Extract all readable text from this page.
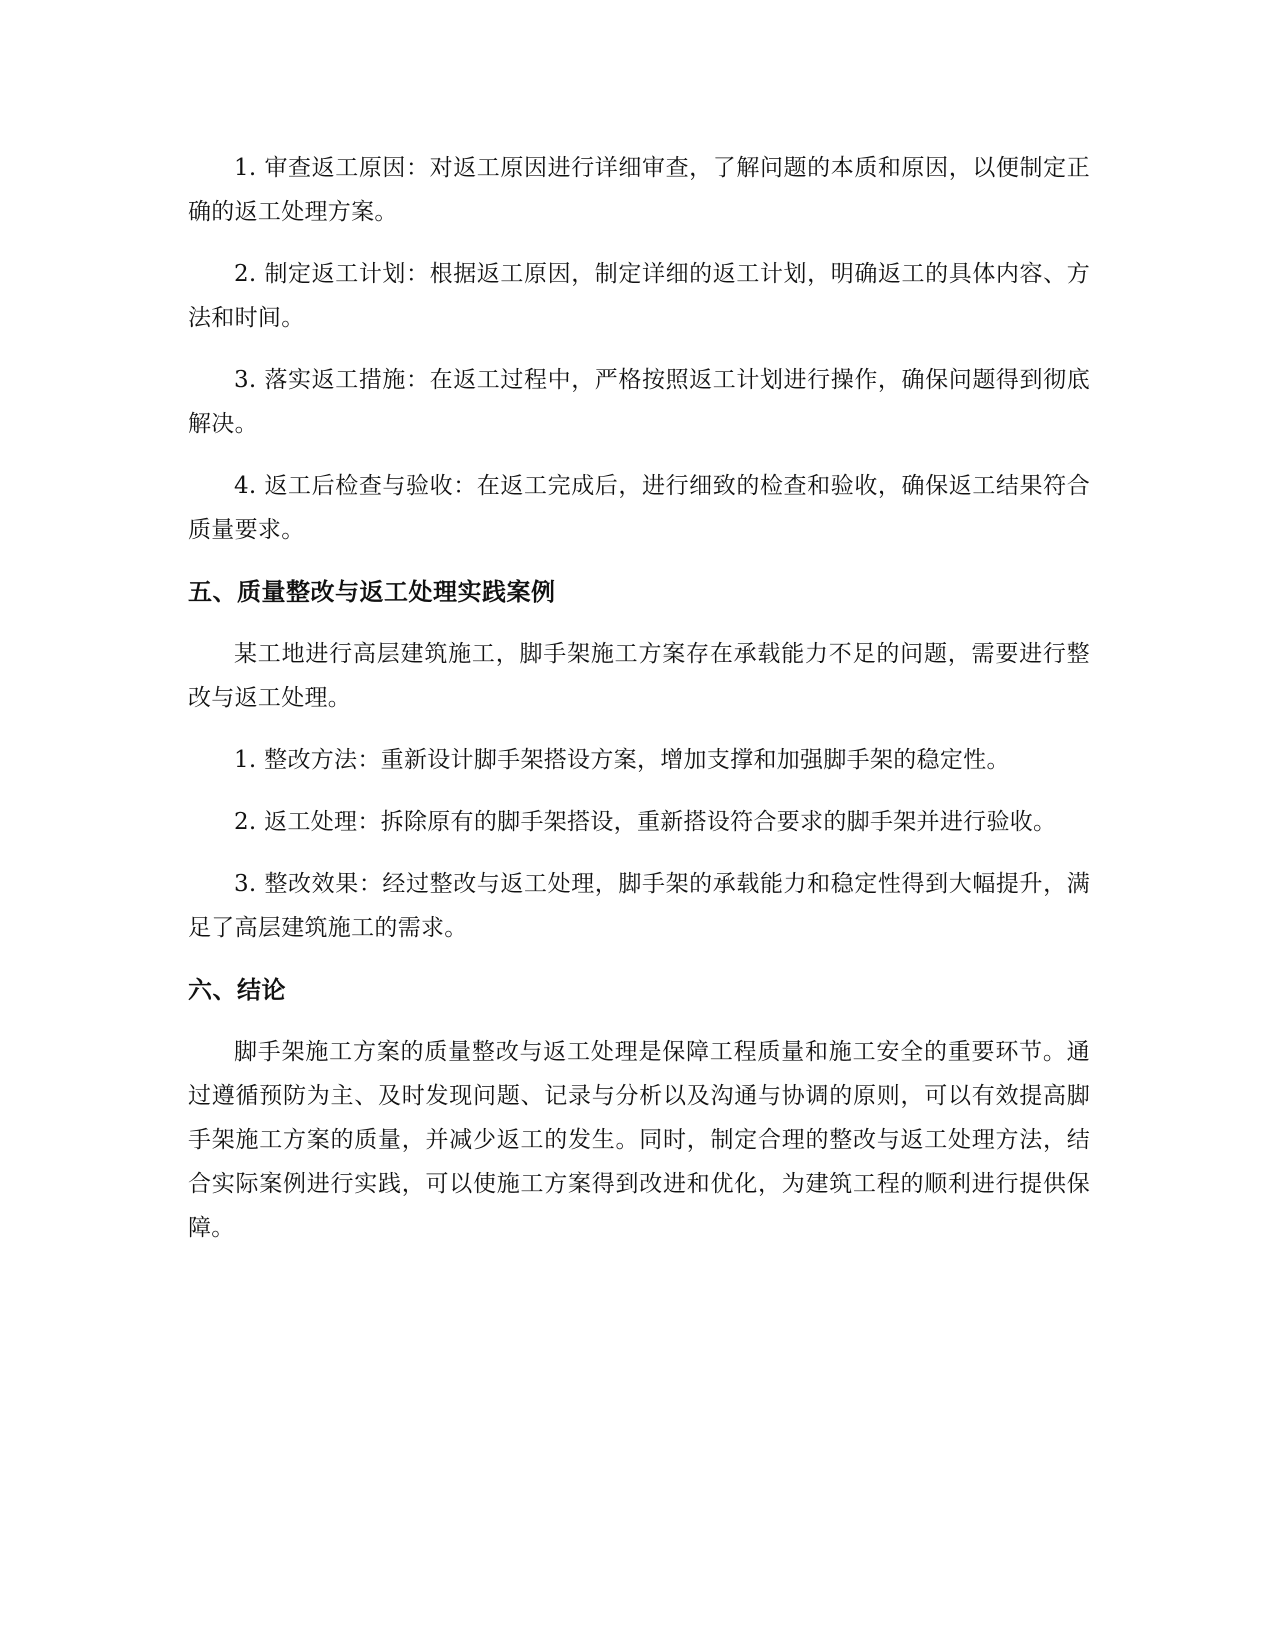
1. 审查返工原因：对返工原因进行详细审查，了解问题的本质和原因，以便制定正确的返工处理方案。

2. 制定返工计划：根据返工原因，制定详细的返工计划，明确返工的具体内容、方法和时间。

3. 落实返工措施：在返工过程中，严格按照返工计划进行操作，确保问题得到彻底解决。

4. 返工后检查与验收：在返工完成后，进行细致的检查和验收，确保返工结果符合质量要求。

五、质量整改与返工处理实践案例

某工地进行高层建筑施工，脚手架施工方案存在承载能力不足的问题，需要进行整改与返工处理。

1. 整改方法：重新设计脚手架搭设方案，增加支撑和加强脚手架的稳定性。

2. 返工处理：拆除原有的脚手架搭设，重新搭设符合要求的脚手架并进行验收。

3. 整改效果：经过整改与返工处理，脚手架的承载能力和稳定性得到大幅提升，满足了高层建筑施工的需求。

六、结论

脚手架施工方案的质量整改与返工处理是保障工程质量和施工安全的重要环节。通过遵循预防为主、及时发现问题、记录与分析以及沟通与协调的原则，可以有效提高脚手架施工方案的质量，并减少返工的发生。同时，制定合理的整改与返工处理方法，结合实际案例进行实践，可以使施工方案得到改进和优化，为建筑工程的顺利进行提供保障。
